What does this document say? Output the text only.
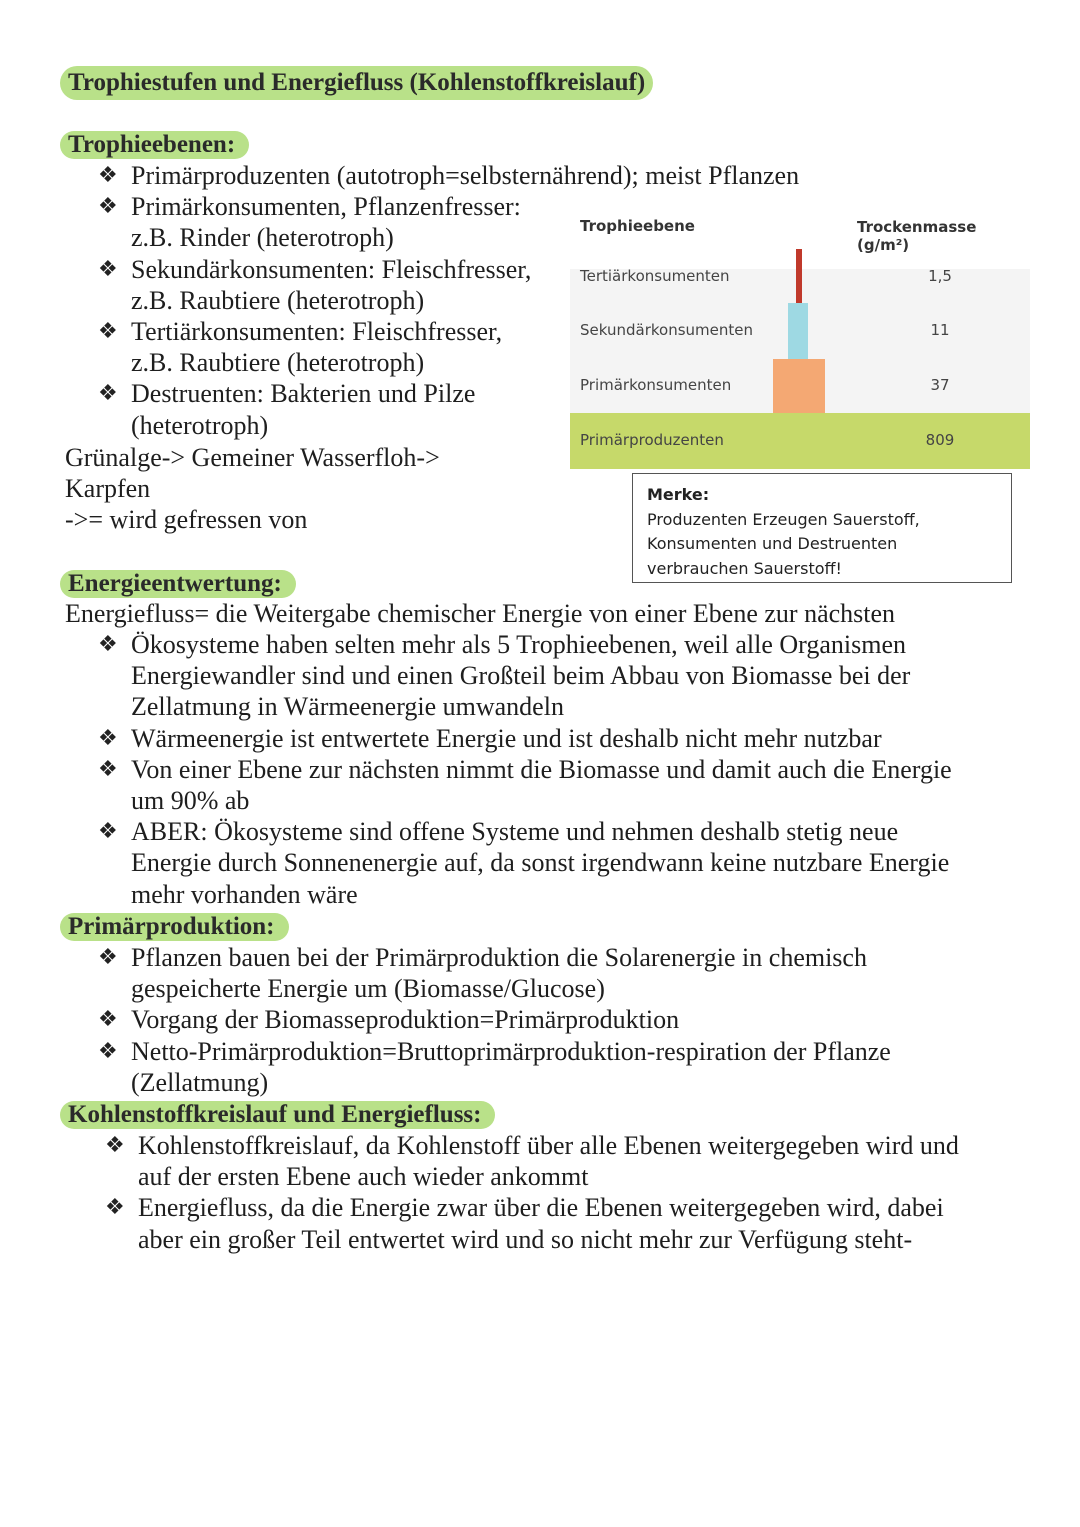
Trophiestufen und Energiefluss (Kohlenstoffkreislauf)
Trophieebenen:
❖ Primärproduzenten (autotroph=selbsternährend); meist Pflanzen
❖ Primärkonsumenten, Pflanzenfresser:
z.B. Rinder (heterotroph)
❖ Sekundärkonsumenten: Fleischfresser,
z.B. Raubtiere (heterotroph)
❖ Tertiärkonsumenten: Fleischfresser,
z.B. Raubtiere (heterotroph)
❖ Destruenten: Bakterien und Pilze
(heterotroph)
Grünalge-> Gemeiner Wasserfloh->
Karpfen
->= wird gefressen von
Trophieebene	Trockenmasse (g/m²)
Tertiärkonsumenten
Sekundärkonsumenten
Primärkonsumenten
Primärproduzenten
1,5
11
37
809
Merke:
Produzenten Erzeugen Sauerstoff,
Konsumenten und Destruenten
verbrauchen Sauerstoff!
Energieentwertung:
Energiefluss= die Weitergabe chemischer Energie von einer Ebene zur nächsten
❖ Ökosysteme haben selten mehr als 5 Trophieebenen, weil alle Organismen
Energiewandler sind und einen Großteil beim Abbau von Biomasse bei der
Zellatmung in Wärmeenergie umwandeln
❖ Wärmeenergie ist entwertete Energie und ist deshalb nicht mehr nutzbar
❖ Von einer Ebene zur nächsten nimmt die Biomasse und damit auch die Energie
um 90% ab
❖ ABER: Ökosysteme sind offene Systeme und nehmen deshalb stetig neue
Energie durch Sonnenenergie auf, da sonst irgendwann keine nutzbare Energie
mehr vorhanden wäre
Primärproduktion:
❖ Pflanzen bauen bei der Primärproduktion die Solarenergie in chemisch
gespeicherte Energie um (Biomasse/Glucose)
❖ Vorgang der Biomasseproduktion=Primärproduktion
❖ Netto-Primärproduktion=Bruttoprimärproduktion-respiration der Pflanze
(Zellatmung)
Kohlenstoffkreislauf und Energiefluss:
❖ Kohlenstoffkreislauf, da Kohlenstoff über alle Ebenen weitergegeben wird und
auf der ersten Ebene auch wieder ankommt
❖ Energiefluss, da die Energie zwar über die Ebenen weitergegeben wird, dabei
aber ein großer Teil entwertet wird und so nicht mehr zur Verfügung steht-
